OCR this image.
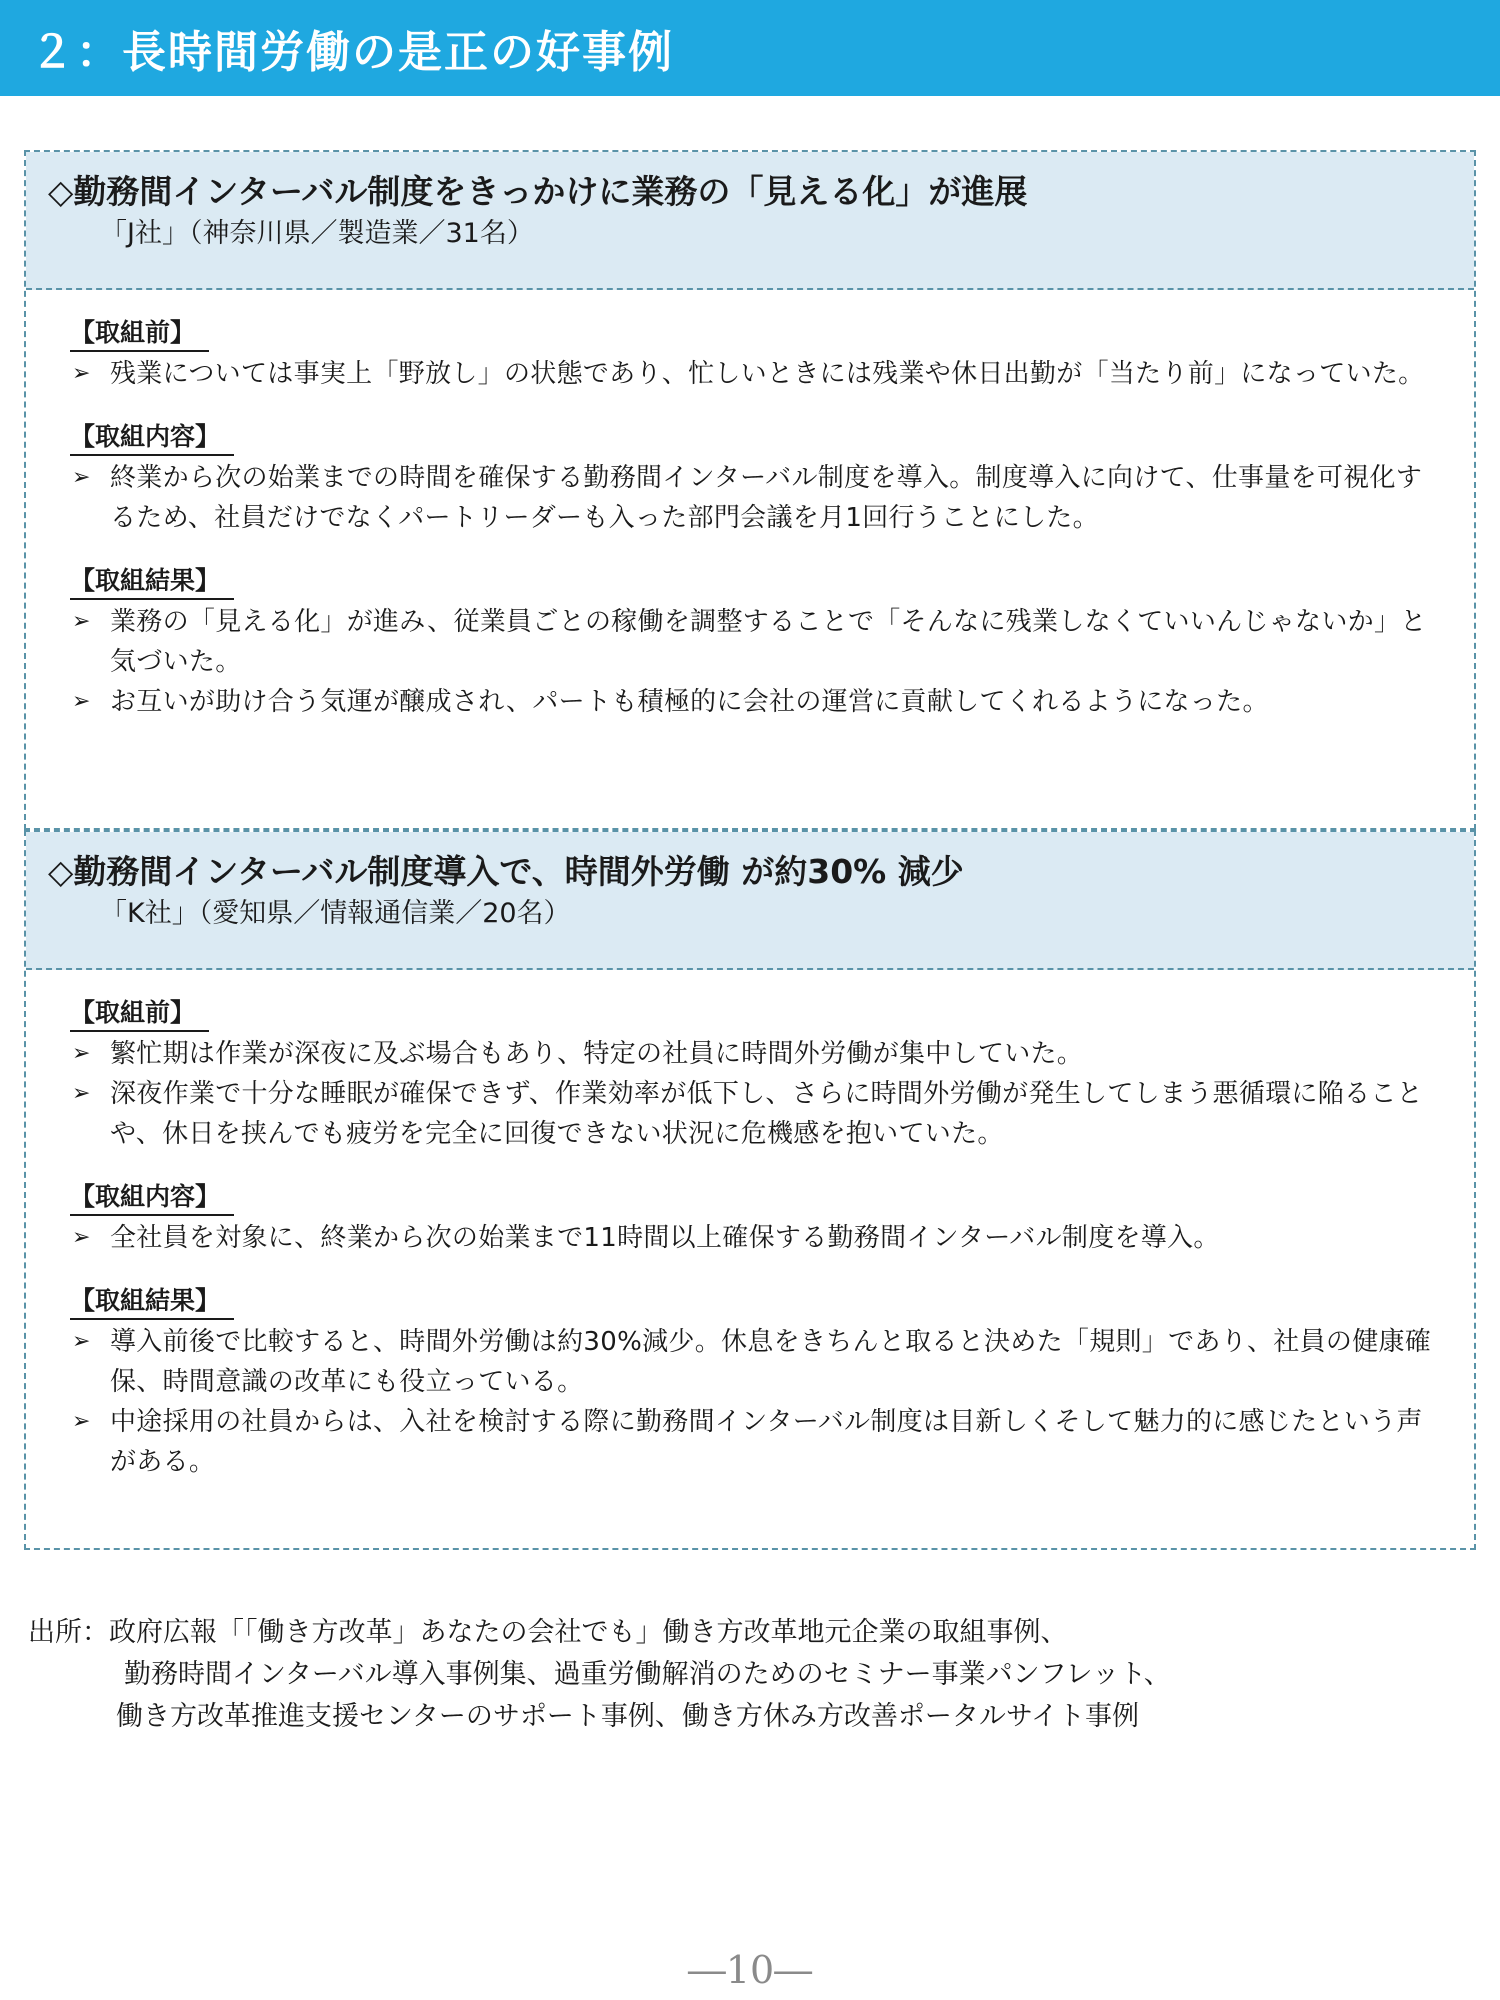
２：長時間労働の是正の好事例

◇勤務間インターバル制度をきっかけに業務の「見える化」が進展

「J社」（神奈川県／製造業／31名）

【取組前】
➢ 残業については事実上「野放し」の状態であり、忙しいときには残業や休日出勤が「当たり前」になっていた。
【取組内容】
➢ 終業から次の始業までの時間を確保する勤務間インターバル制度を導入。制度導入に向けて、仕事量を可視化するため、社員だけでなくパートリーダーも入った部門会議を月1回行うことにした。
【取組結果】
➢ 業務の「見える化」が進み、従業員ごとの稼働を調整することで「そんなに残業しなくていいんじゃないか」と気づいた。
➢ お互いが助け合う気運が醸成され、パートも積極的に会社の運営に貢献してくれるようになった。

◇勤務間インターバル制度導入で、時間外労働 が約30% 減少

「K社」（愛知県／情報通信業／20名）

【取組前】
➢ 繁忙期は作業が深夜に及ぶ場合もあり、特定の社員に時間外労働が集中していた。
➢ 深夜作業で十分な睡眠が確保できず、作業効率が低下し、さらに時間外労働が発生してしまう悪循環に陥ることや、休日を挟んでも疲労を完全に回復できない状況に危機感を抱いていた。
【取組内容】
➢ 全社員を対象に、終業から次の始業まで11時間以上確保する勤務間インターバル制度を導入。
【取組結果】
➢ 導入前後で比較すると、時間外労働は約30%減少。休息をきちんと取ると決めた「規則」であり、社員の健康確保、時間意識の改革にも役立っている。
➢ 中途採用の社員からは、入社を検討する際に勤務間インターバル制度は目新しくそして魅力的に感じたという声がある。
出所：政府広報「「働き方改革」あなたの会社でも」働き方改革地元企業の取組事例、
勤務時間インターバル導入事例集、過重労働解消のためのセミナー事業パンフレット、
働き方改革推進支援センターのサポート事例、働き方休み方改善ポータルサイト事例
―10―
